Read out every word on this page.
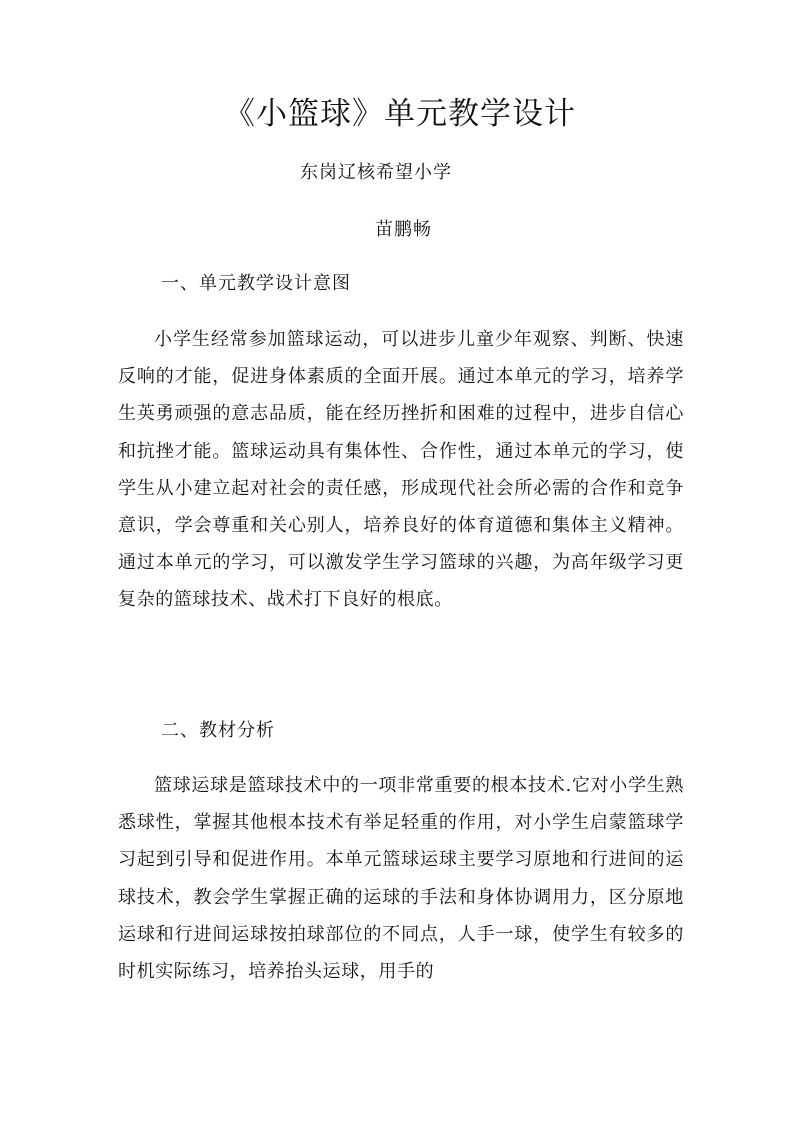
《小篮球》单元教学设计
东岗辽核希望小学
苗鹏畅
一、单元教学设计意图
小学生经常参加篮球运动，可以进步儿童少年观察、判断、快速反响的才能，促进身体素质的全面开展。通过本单元的学习，培养学生英勇顽强的意志品质，能在经历挫折和困难的过程中，进步自信心和抗挫才能。篮球运动具有集体性、合作性，通过本单元的学习，使学生从小建立起对社会的责任感，形成现代社会所必需的合作和竞争意识，学会尊重和关心别人，培养良好的体育道德和集体主义精神。通过本单元的学习，可以激发学生学习篮球的兴趣，为高年级学习更复杂的篮球技术、战术打下良好的根底。
二、教材分析
篮球运球是篮球技术中的一项非常重要的根本技术.它对小学生熟悉球性，掌握其他根本技术有举足轻重的作用，对小学生启蒙篮球学习起到引导和促进作用。本单元篮球运球主要学习原地和行进间的运球技术，教会学生掌握正确的运球的手法和身体协调用力，区分原地运球和行进间运球按拍球部位的不同点，人手一球，使学生有较多的时机实际练习，培养抬头运球，用手的
